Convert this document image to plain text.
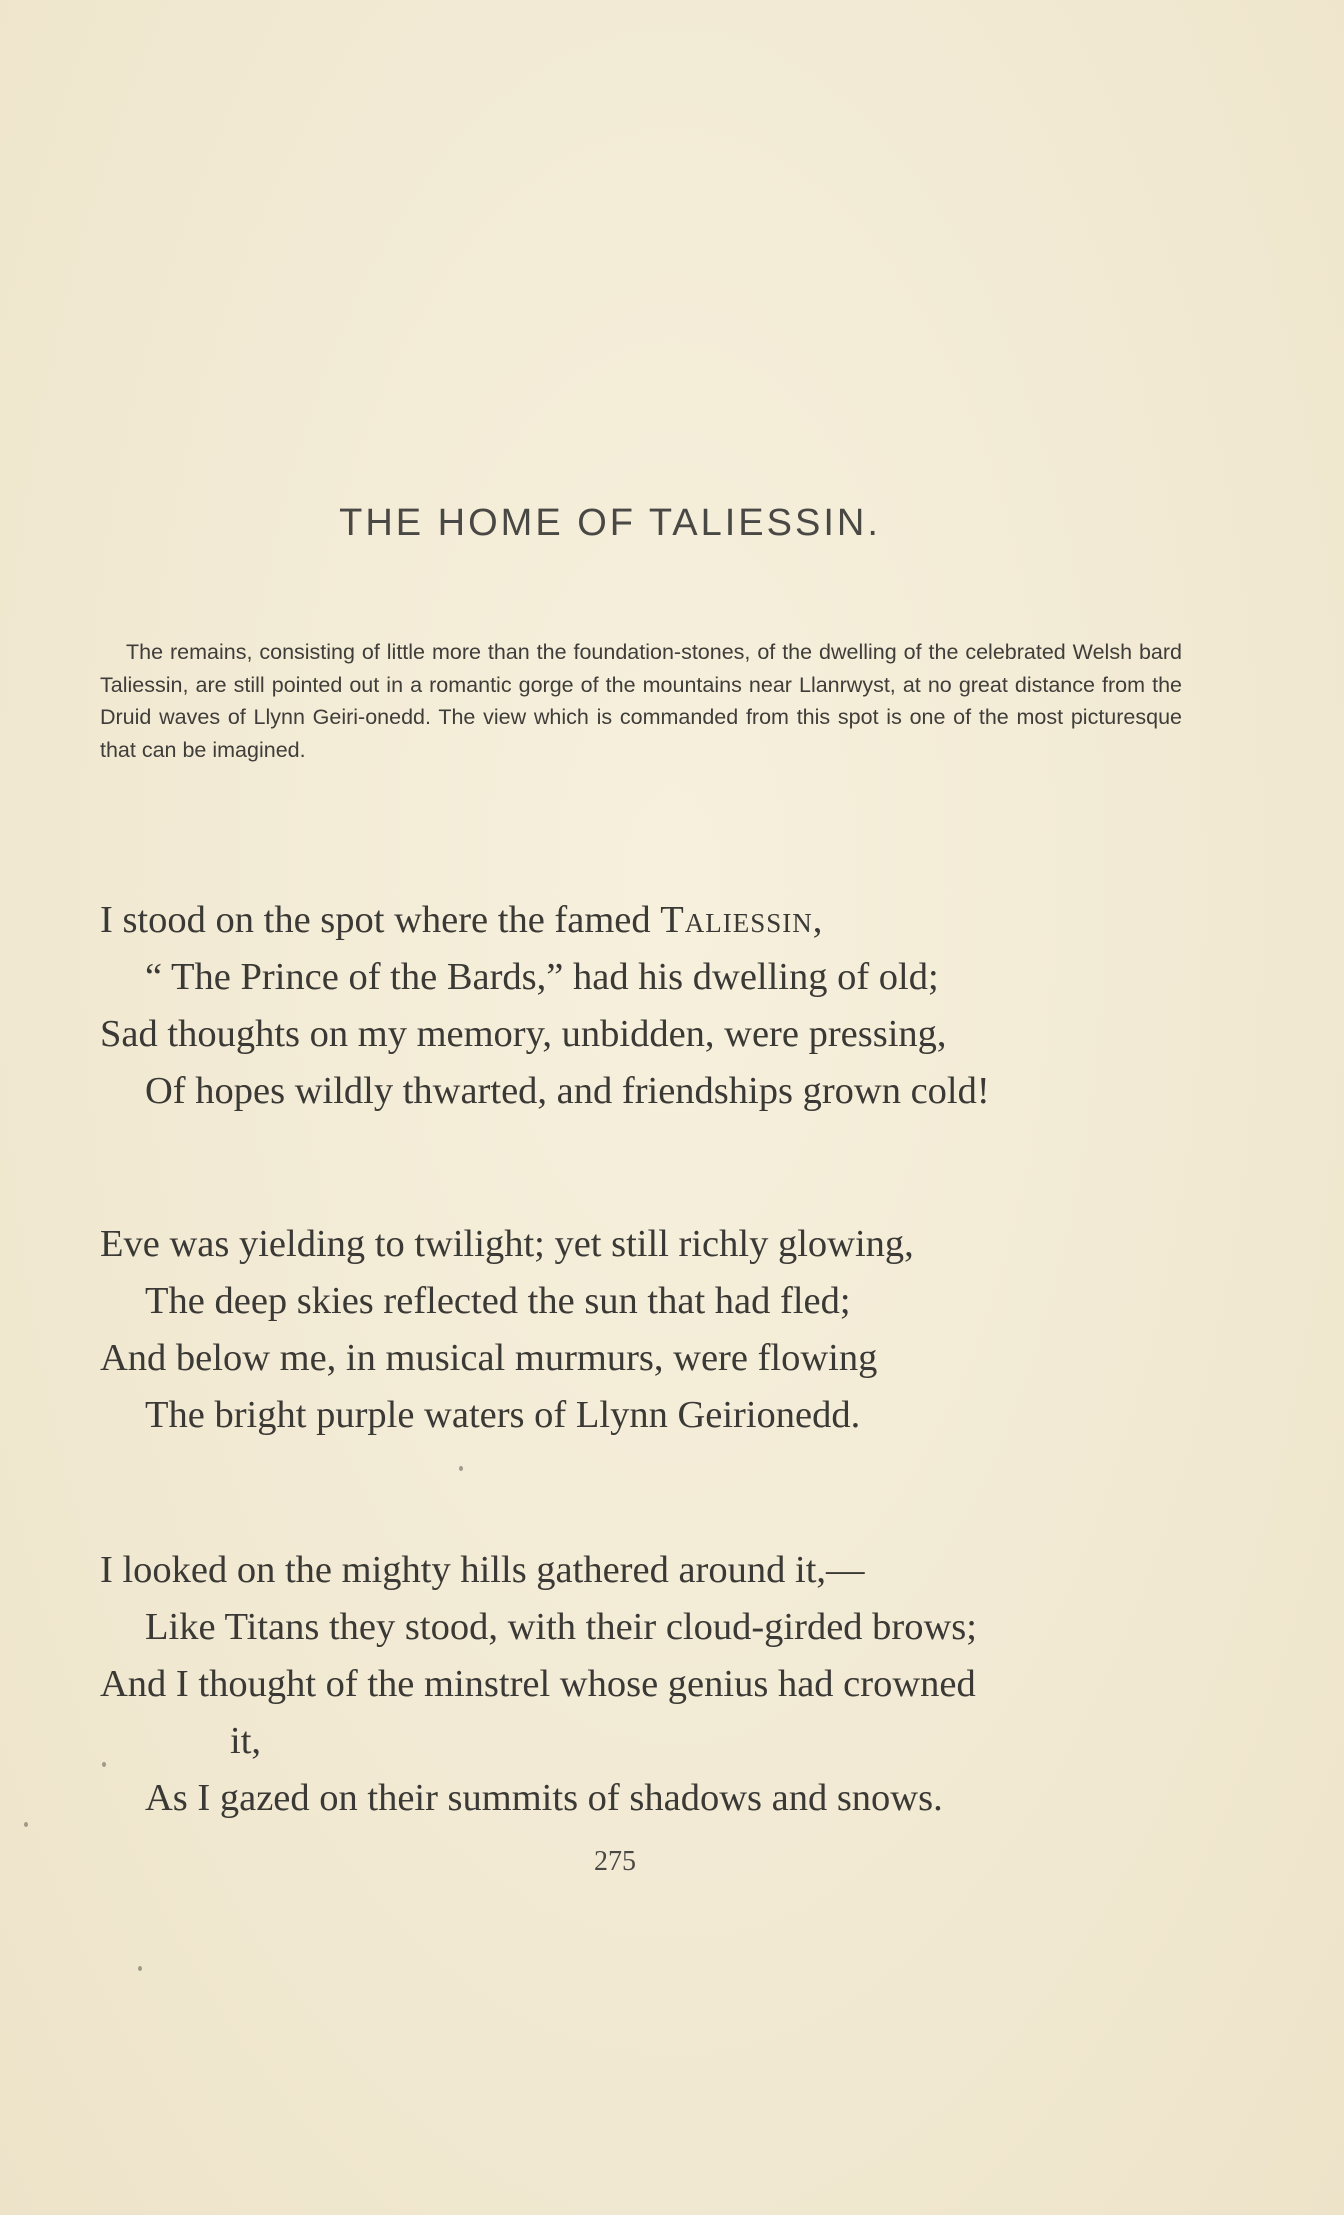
THE HOME OF TALIESSIN.

The remains, consisting of little more than the foundation-stones, of the dwelling of the celebrated Welsh bard Taliessin, are still pointed out in a romantic gorge of the mountains near Llanrwyst, at no great distance from the Druid waves of Llynn Geiri-onedd. The view which is commanded from this spot is one of the most picturesque that can be imagined.

I stood on the spot where the famed Taliessin,
“ The Prince of the Bards,” had his dwelling of old;
Sad thoughts on my memory, unbidden, were pressing,
Of hopes wildly thwarted, and friendships grown cold!
Eve was yielding to twilight; yet still richly glowing,
The deep skies reflected the sun that had fled;
And below me, in musical murmurs, were flowing
The bright purple waters of Llynn Geirionedd.
I looked on the mighty hills gathered around it,—
Like Titans they stood, with their cloud-girded brows;
And I thought of the minstrel whose genius had crowned
it,
As I gazed on their summits of shadows and snows.

275
